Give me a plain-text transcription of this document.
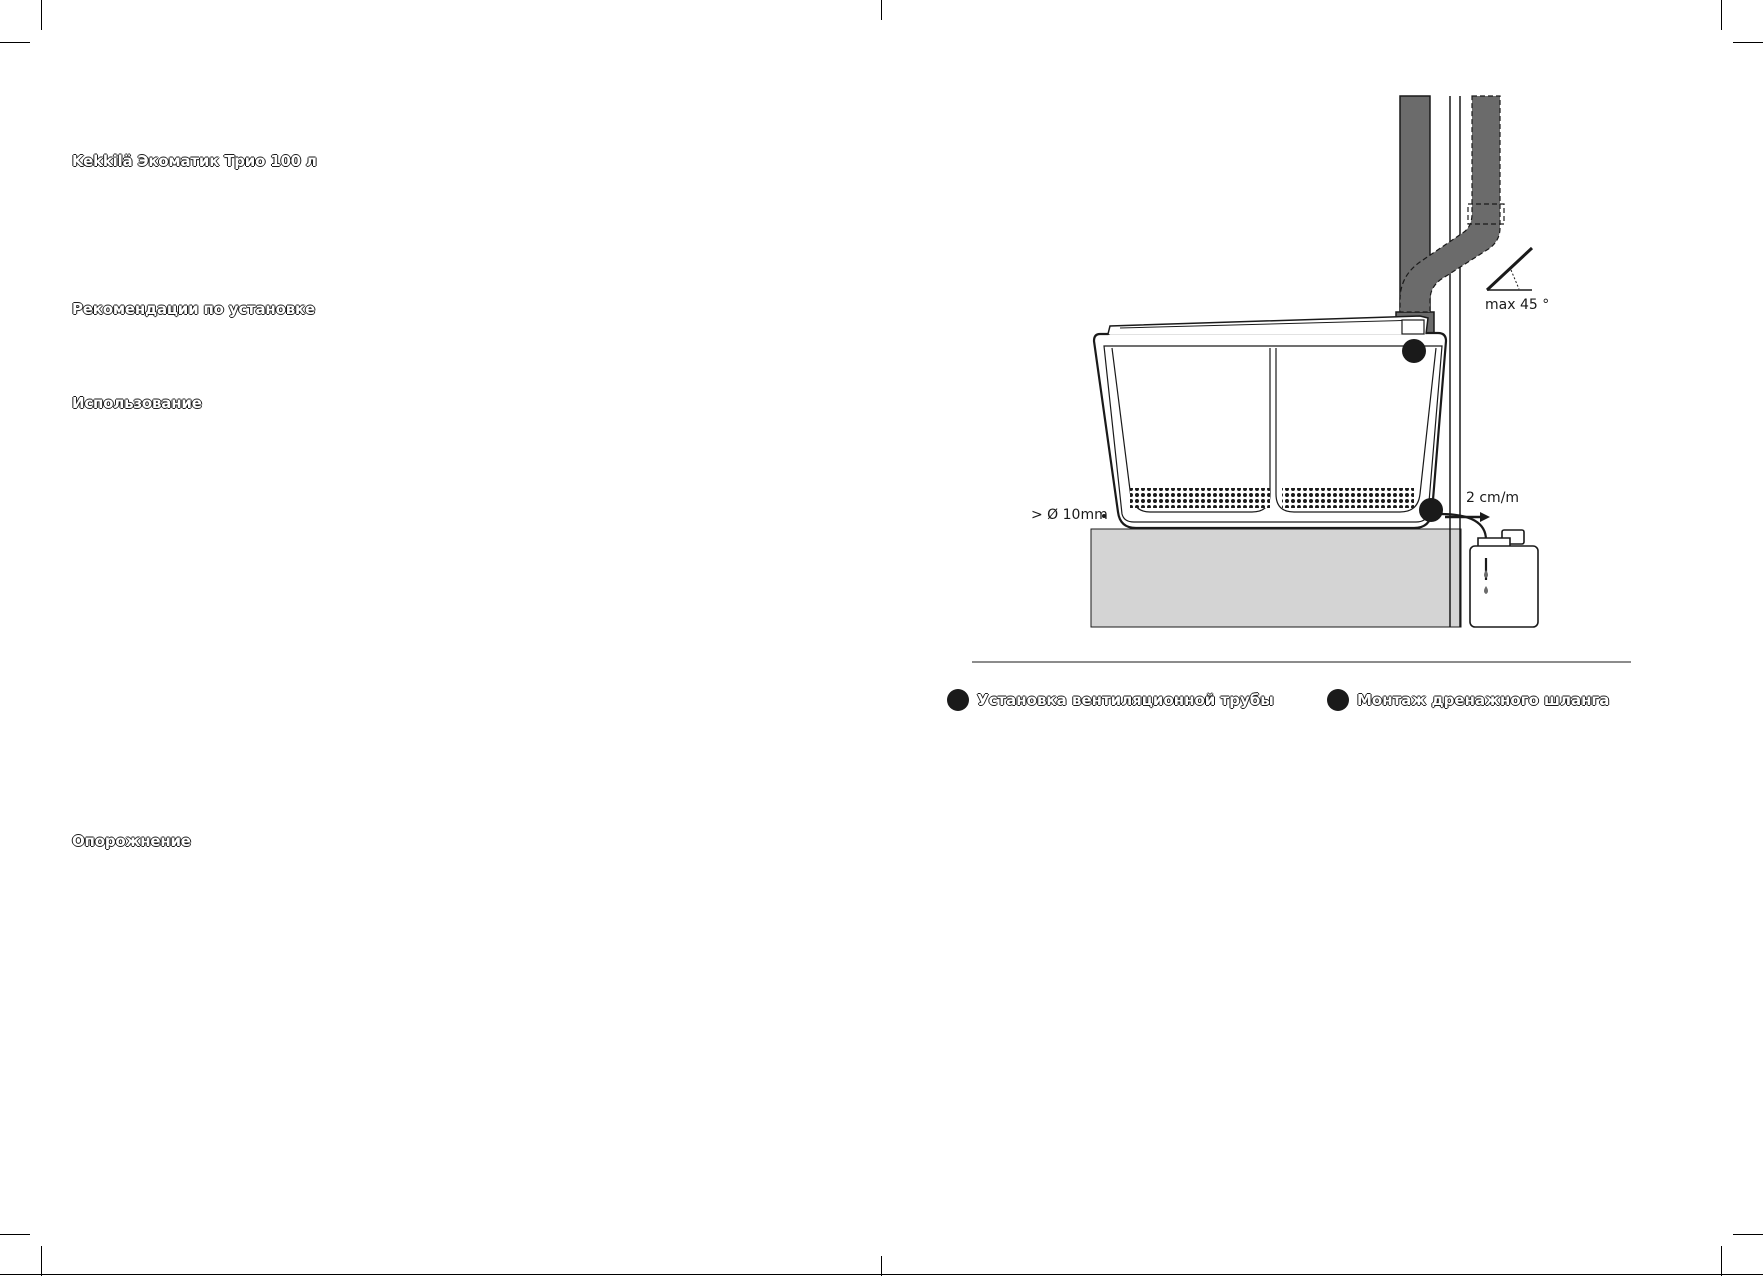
Kekkilä Экоматик Трио 100 л
Рекомендации по установке
Использование
Опорожнение
max 45 °
2 cm/m
> Ø 10mm
Установка вентиляционной трубы	Монтаж дренажного шланга
